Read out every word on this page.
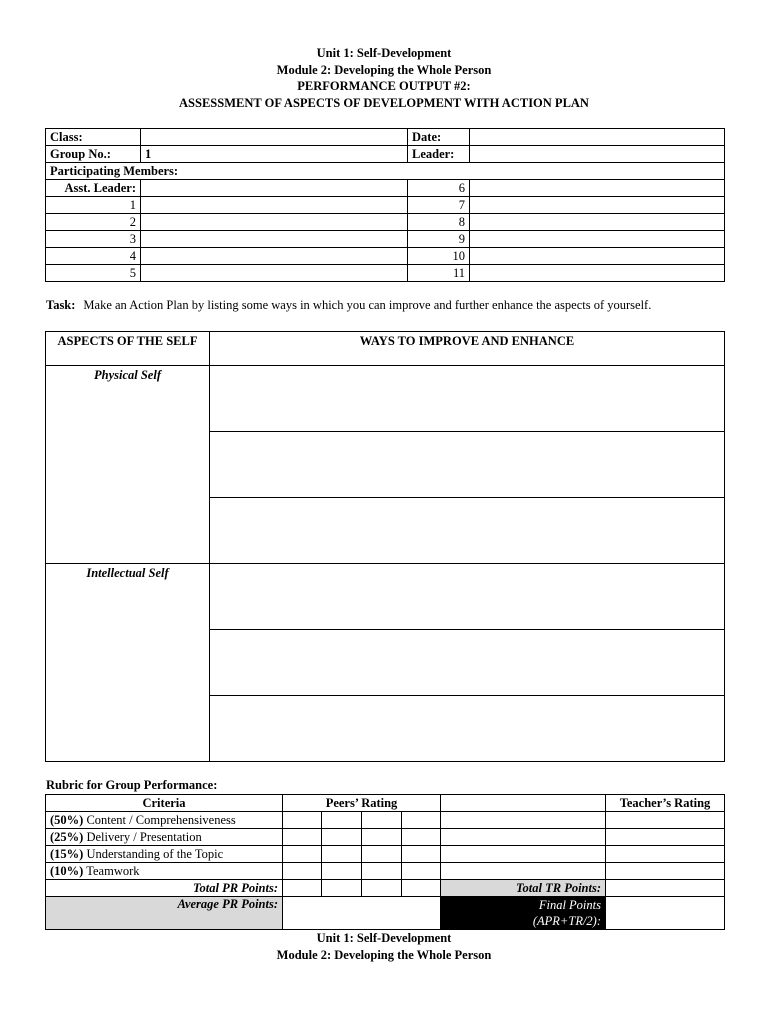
Unit 1: Self-Development
Module 2: Developing the Whole Person
PERFORMANCE OUTPUT #2:
ASSESSMENT OF ASPECTS OF DEVELOPMENT WITH ACTION PLAN
Class:		Date:	
Group No.:	1	Leader:	
Participating Members:			
Asst. Leader:		6	
1		7	
2		8	
3		9	
4		10	
5		11	
Task: Make an Action Plan by listing some ways in which you can improve and further enhance the aspects of yourself.
ASPECTS OF THE SELF	WAYS TO IMPROVE AND ENHANCE
Physical Self	

Intellectual Self	

Rubric for Group Performance:
Criteria	Peers’ Rating					Teacher’s Rating
(50%) Content / Comprehensiveness						
(25%) Delivery / Presentation						
(15%) Understanding of the Topic						
(10%) Teamwork						
Total PR Points:					Total TR Points:	
Average PR Points:					Final Points
(APR+TR/2):	

Unit 1: Self-Development
Module 2: Developing the Whole Person
